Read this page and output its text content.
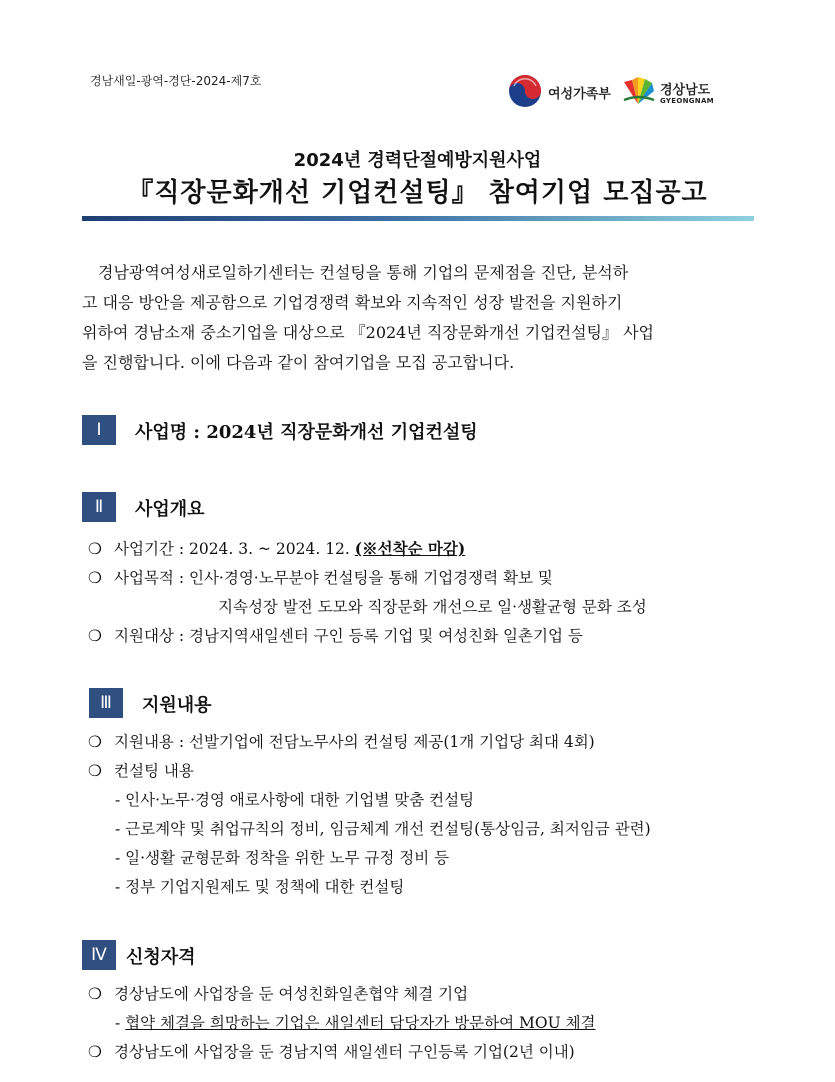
경남새일-광역-경단-2024-제7호
여성가족부	경상남도
GYEONGNAM
2024년 경력단절예방지원사업
『직장문화개선 기업컨설팅』 참여기업 모집공고
경남광역여성새로일하기센터는 컨설팅을 통해 기업의 문제점을 진단, 분석하
고 대응 방안을 제공함으로 기업경쟁력 확보와 지속적인 성장 발전을 지원하기
위하여 경남소재 중소기업을 대상으로 『2024년 직장문화개선 기업컨설팅』 사업
을 진행합니다. 이에 다음과 같이 참여기업을 모집 공고합니다.
Ⅰ	사업명 : 2024년 직장문화개선 기업컨설팅
Ⅱ	사업개요
❍ 사업기간 : 2024. 3. ~ 2024. 12. (※선착순 마감)
❍ 사업목적 : 인사·경영·노무분야 컨설팅을 통해 기업경쟁력 확보 및
지속성장 발전 도모와 직장문화 개선으로 일·생활균형 문화 조성
❍ 지원대상 : 경남지역새일센터 구인 등록 기업 및 여성친화 일촌기업 등
Ⅲ	지원내용
❍ 지원내용 : 선발기업에 전담노무사의 컨설팅 제공(1개 기업당 최대 4회)
❍ 컨설팅 내용
- 인사·노무·경영 애로사항에 대한 기업별 맞춤 컨설팅
- 근로계약 및 취업규칙의 정비, 임금체계 개선 컨설팅(통상임금, 최저임금 관련)
- 일·생활 균형문화 정착을 위한 노무 규정 정비 등
- 정부 기업지원제도 및 정책에 대한 컨설팅
Ⅳ	신청자격
❍ 경상남도에 사업장을 둔 여성친화일촌협약 체결 기업
- 협약 체결을 희망하는 기업은 새일센터 담당자가 방문하여 MOU 체결
❍ 경상남도에 사업장을 둔 경남지역 새일센터 구인등록 기업(2년 이내)
